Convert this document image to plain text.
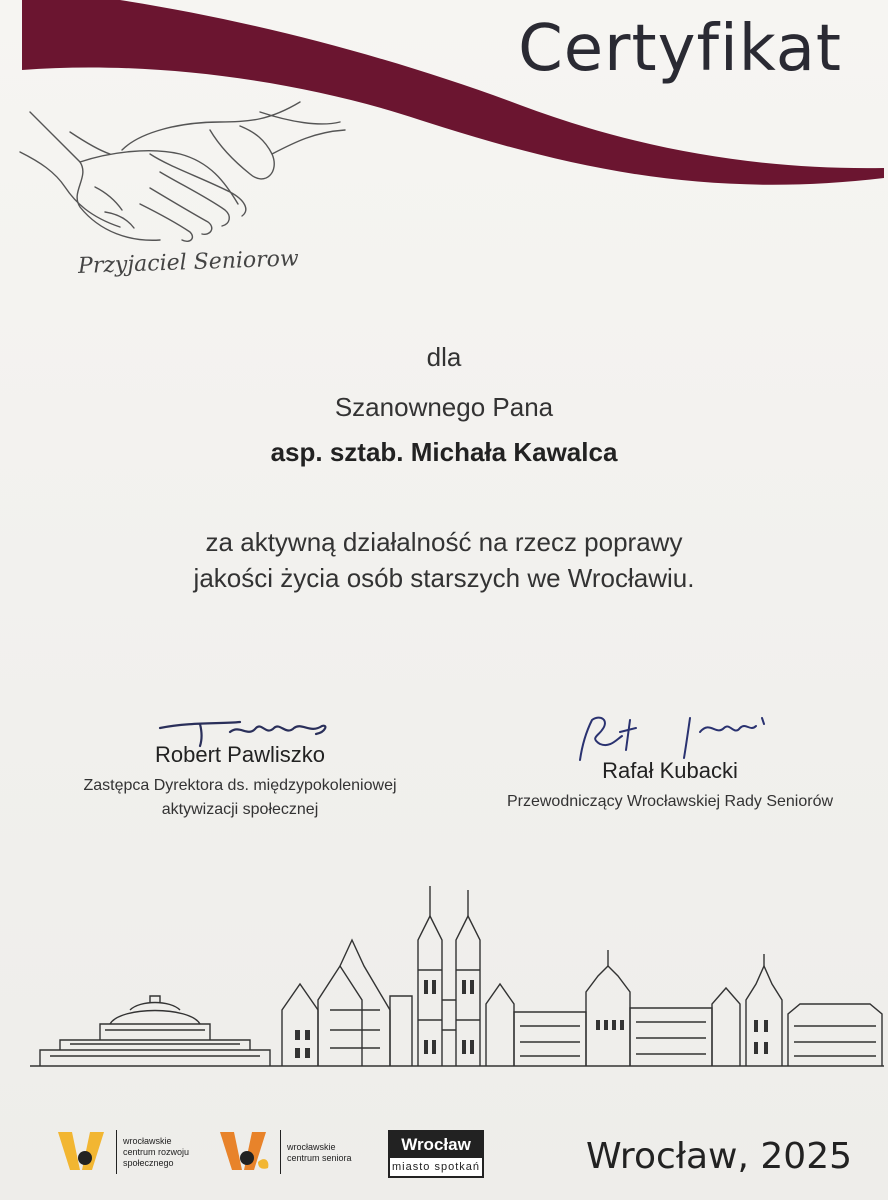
Certyfikat
Przyjaciel Seniorow
dla
Szanownego Pana
asp. sztab. Michała Kawalca
za aktywną działalność na rzecz poprawy
jakości życia osób starszych we Wrocławiu.
Robert Pawliszko
Zastępca Dyrektora ds. międzypokoleniowej
aktywizacji społecznej
Rafał Kubacki
Przewodniczący Wrocławskiej Rady Seniorów
wrocławskie
centrum rozwoju
społecznego
wrocławskie
centrum seniora
Wrocław
miasto spotkań	Wrocław, 2025
